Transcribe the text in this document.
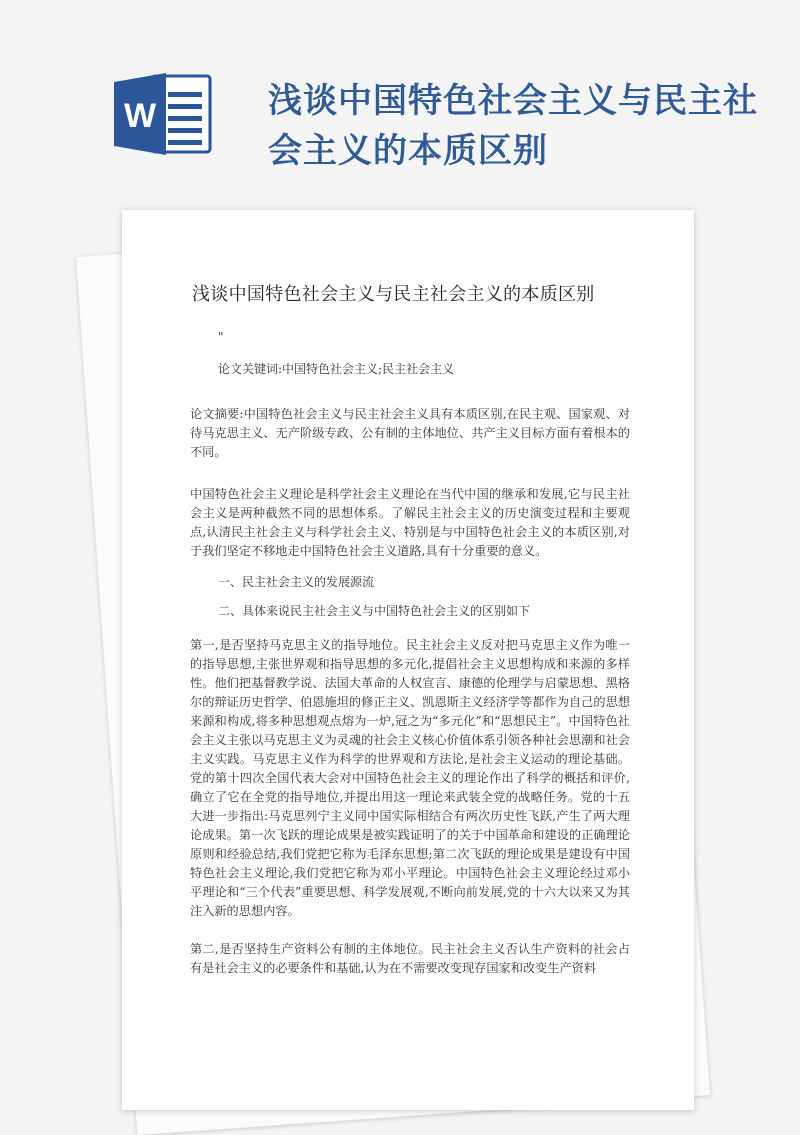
W	浅谈中国特色社会主义与民主社会主义的本质区别
浅谈中国特色社会主义与民主社会主义的本质区别
"
论文关键词:中国特色社会主义;民主社会主义
论文摘要:中国特色社会主义与民主社会主义具有本质区别,在民主观、国家观、对待马克思主义、无产阶级专政、公有制的主体地位、共产主义目标方面有着根本的不同。
中国特色社会主义理论是科学社会主义理论在当代中国的继承和发展,它与民主社会主义是两种截然不同的思想体系。了解民主社会主义的历史演变过程和主要观点,认清民主社会主义与科学社会主义、特别是与中国特色社会主义的本质区别,对于我们坚定不移地走中国特色社会主义道路,具有十分重要的意义。
一、民主社会主义的发展源流
二、具体来说民主社会主义与中国特色社会主义的区别如下
第一,是否坚持马克思主义的指导地位。民主社会主义反对把马克思主义作为唯一的指导思想,主张世界观和指导思想的多元化,提倡社会主义思想构成和来源的多样性。他们把基督教学说、法国大革命的人权宣言、康德的伦理学与启蒙思想、黑格尔的辩证历史哲学、伯恩施坦的修正主义、凯恩斯主义经济学等都作为自己的思想来源和构成,将多种思想观点熔为一炉,冠之为“多元化”和“思想民主”。中国特色社会主义主张以马克思主义为灵魂的社会主义核心价值体系引领各种社会思潮和社会主义实践。马克思主义作为科学的世界观和方法论,是社会主义运动的理论基础。党的第十四次全国代表大会对中国特色社会主义的理论作出了科学的概括和评价,确立了它在全党的指导地位,并提出用这一理论来武装全党的战略任务。党的十五大进一步指出:马克思列宁主义同中国实际相结合有两次历史性飞跃,产生了两大理论成果。第一次飞跃的理论成果是被实践证明了的关于中国革命和建设的正确理论原则和经验总结,我们党把它称为毛泽东思想;第二次飞跃的理论成果是建设有中国特色社会主义理论,我们党把它称为邓小平理论。中国特色社会主义理论经过邓小平理论和“三个代表”重要思想、科学发展观,不断向前发展,党的十六大以来又为其注入新的思想内容。
第二,是否坚持生产资料公有制的主体地位。民主社会主义否认生产资料的社会占有是社会主义的必要条件和基础,认为在不需要改变现存国家和改变生产资料
